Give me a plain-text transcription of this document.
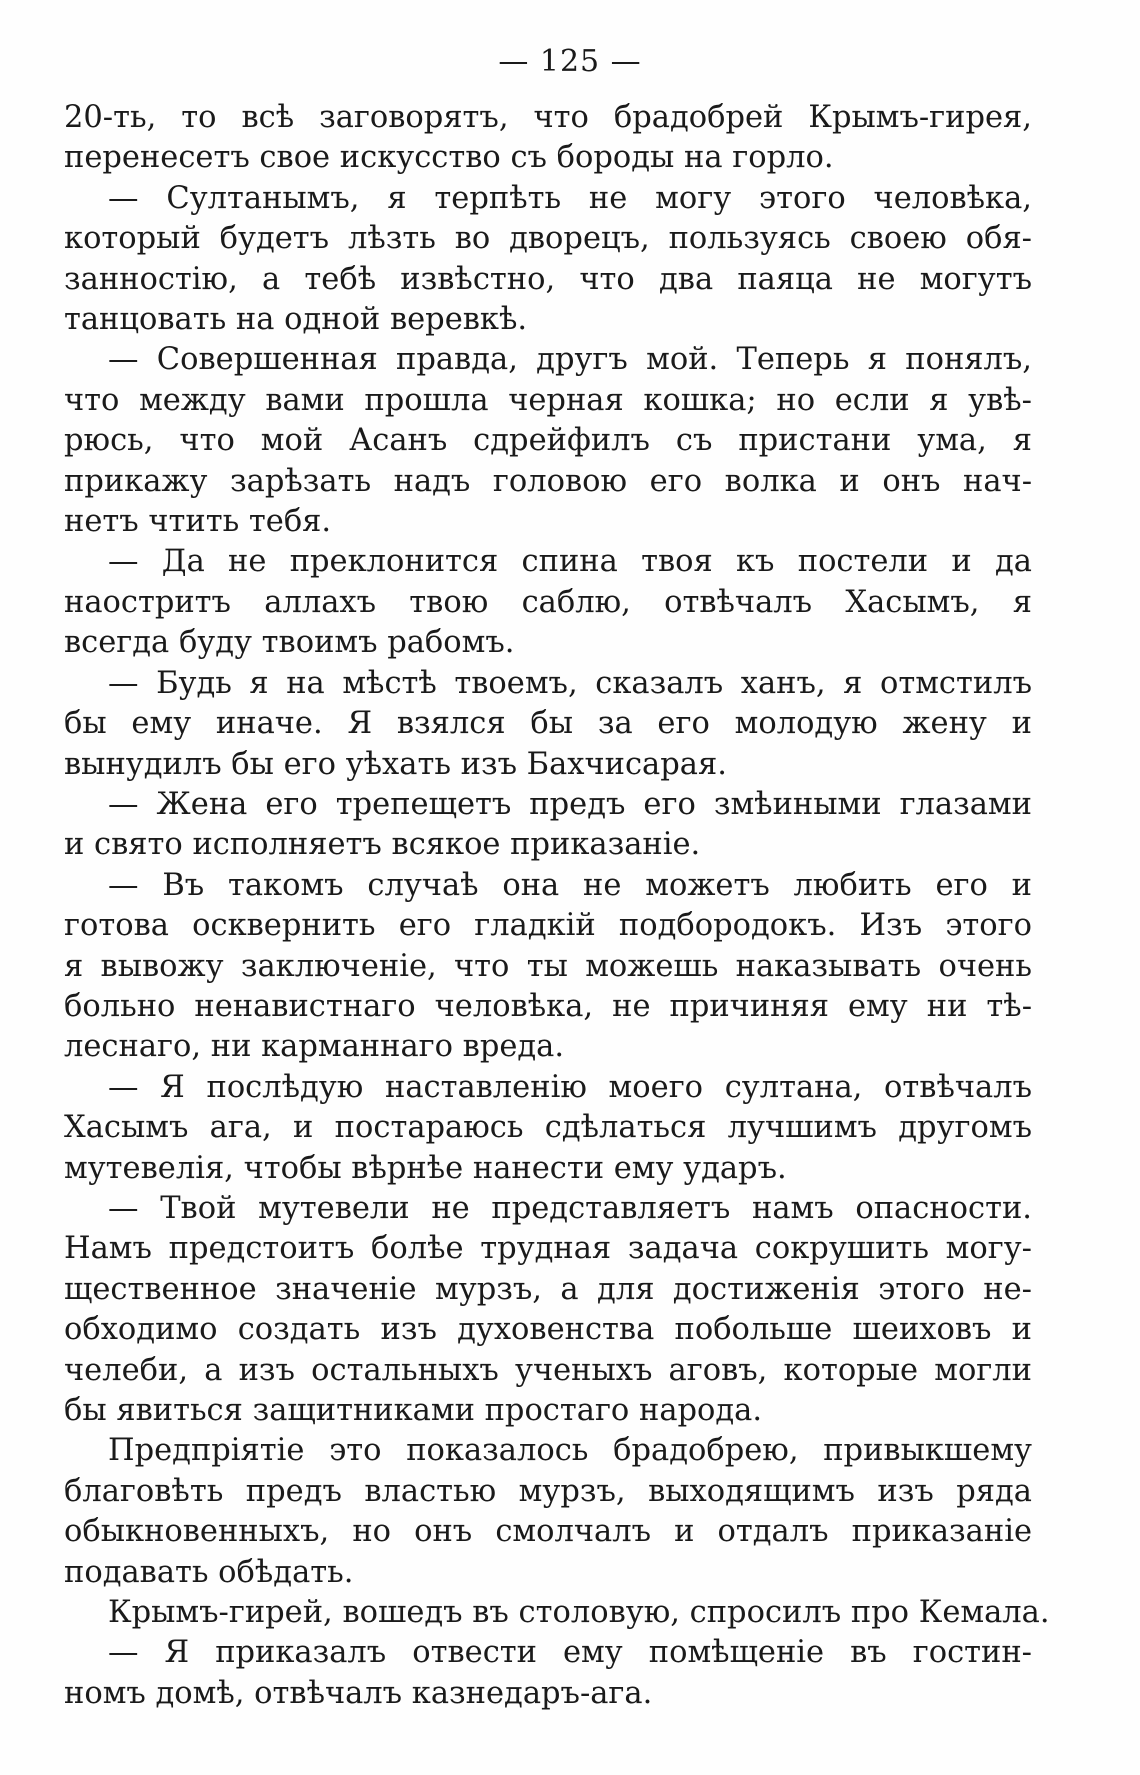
— 125 —
20-ть, то всѣ заговорятъ, что брадобрей Крымъ-гирея,
перенесетъ свое искусство съ бороды на горло.
— Султанымъ, я терпѣть не могу этого человѣка,
который будетъ лѣзть во дворецъ, пользуясь своею обя-
занностію, а тебѣ извѣстно, что два паяца не могутъ
танцовать на одной веревкѣ.
— Совершенная правда, другъ мой. Теперь я понялъ,
что между вами прошла черная кошка; но если я увѣ-
рюсь, что мой Асанъ сдрейфилъ съ пристани ума, я
прикажу зарѣзать надъ головою его волка и онъ нач-
нетъ чтить тебя.
— Да не преклонится спина твоя къ постели и да
наостритъ аллахъ твою саблю, отвѣчалъ Хасымъ, я
всегда буду твоимъ рабомъ.
— Будь я на мѣстѣ твоемъ, сказалъ ханъ, я отмстилъ
бы ему иначе. Я взялся бы за его молодую жену и
вынудилъ бы его уѣхать изъ Бахчисарая.
— Жена его трепещетъ предъ его змѣиными глазами
и свято исполняетъ всякое приказаніе.
— Въ такомъ случаѣ она не можетъ любить его и
готова осквернить его гладкій подбородокъ. Изъ этого
я вывожу заключеніе, что ты можешь наказывать очень
больно ненавистнаго человѣка, не причиняя ему ни тѣ-
леснаго, ни карманнаго вреда.
— Я послѣдую наставленію моего султана, отвѣчалъ
Хасымъ ага, и постараюсь сдѣлаться лучшимъ другомъ
мутевелія, чтобы вѣрнѣе нанести ему ударъ.
— Твой мутевели не представляетъ намъ опасности.
Намъ предстоитъ болѣе трудная задача сокрушить могу-
щественное значеніе мурзъ, а для достиженія этого не-
обходимо создать изъ духовенства побольше шеиховъ и
челеби, а изъ остальныхъ ученыхъ аговъ, которые могли
бы явиться защитниками простаго народа.
Предпріятіе это показалось брадобрею, привыкшему
благовѣть предъ властью мурзъ, выходящимъ изъ ряда
обыкновенныхъ, но онъ смолчалъ и отдалъ приказаніе
подавать обѣдать.
Крымъ-гирей, вошедъ въ столовую, спросилъ про Кемала.
— Я приказалъ отвести ему помѣщеніе въ гостин-
номъ домѣ, отвѣчалъ казнедаръ-ага.
